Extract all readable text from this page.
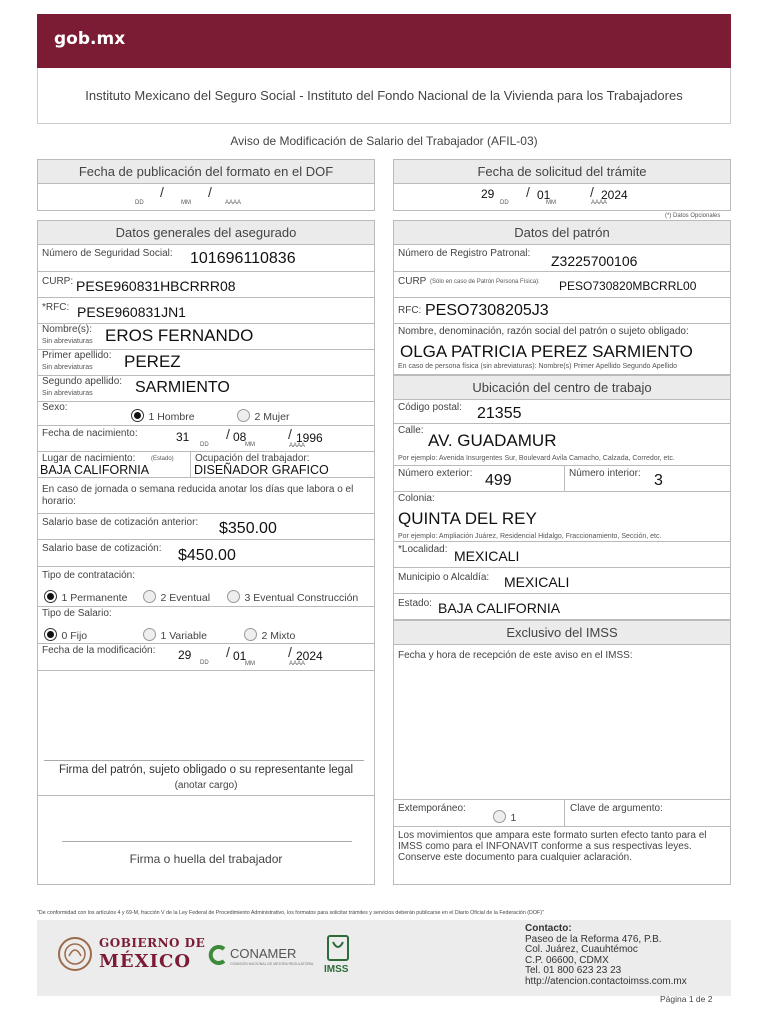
gob.mx
Instituto Mexicano del Seguro Social - Instituto del Fondo Nacional de la Vivienda para los Trabajadores
Aviso de Modificación de Salario del Trabajador (AFIL-03)
Fecha de publicación del formato en el DOF
/	/
DD	MM	AAAA
Fecha de solicitud del trámite
29 / 01	/ 2024
DD	MM	AAAA
(*) Datos Opcionales
Datos generales del asegurado
Número de Seguridad Social: 101696110836
CURP: PESE960831HBCRRR08
*RFC: PESE960831JN1
Nombre(s):
Sin abreviaturas EROS FERNANDO
Primer apellido:
Sin abreviaturas PEREZ
Segundo apellido:
Sin abreviaturas	SARMIENTO
Sexo:
1 Hombre	2 Mujer
Fecha de nacimiento:	31
DD
/ 08
MM
/ 1996
AAAA
Lugar de nacimiento:	(Estado)
BAJA CALIFORNIA
Ocupación del trabajador:
DISEÑADOR GRAFICO
En caso de jornada o semana reducida anotar los días que labora o el horario:
Salario base de cotización anterior: $350.00
Salario base de cotización: $450.00
Tipo de contratación:
1 Permanente	2 Eventual	3 Eventual Construcción
Tipo de Salario:
0 Fijo	1 Variable	2 Mixto
Fecha de la modificación: 29
DD
/ 01
MM
/ 2024
AAAA
Firma del patrón, sujeto obligado o su representante legal
(anotar cargo)
Firma o huella del trabajador
Datos del patrón
Número de Registro Patronal: Z3225700106
CURP (Sólo en caso de Patrón Persona Física): PESO730820MBCRRL00
RFC: PESO7308205J3
Nombre, denominación, razón social del patrón o sujeto obligado:
OLGA PATRICIA PEREZ SARMIENTO
En caso de persona física (sin abreviaturas): Nombre(s) Primer Apellido Segundo Apellido
Ubicación del centro de trabajo
Código postal: 21355
Calle:
AV. GUADAMUR
Por ejemplo: Avenida Insurgentes Sur, Boulevard Avila Camacho, Calzada, Corredor, etc.
Número exterior: 499	Número interior: 3
Colonia:
QUINTA DEL REY
Por ejemplo: Ampliación Juárez, Residencial Hidalgo, Fraccionamiento, Sección, etc.
*Localidad: MEXICALI
Municipio o Alcaldía: MEXICALI
Estado: BAJA CALIFORNIA
Exclusivo del IMSS
Fecha y hora de recepción de este aviso en el IMSS:
Extemporáneo:
1
Clave de argumento:
Los movimientos que ampara este formato surten efecto tanto para el IMSS como para el INFONAVIT conforme a sus respectivas leyes.
Conserve este documento para cualquier aclaración.
"De conformidad con los artículos 4 y 69-M, fracción V de la Ley Federal de Procedimiento Administrativo, los formatos para solicitar trámites y servicios deberán publicarse en el Diario Oficial de la Federación (DOF)"
GOBIERNO DE
MÉXICO	CONAMER
COMISIÓN NACIONAL DE MEJORA REGULATORIA IMSS
Contacto:
Paseo de la Reforma 476, P.B.
Col. Juárez, Cuauhtémoc
C.P. 06600, CDMX
Tel. 01 800 623 23 23
http://atencion.contactoimss.com.mx
Página 1 de 2
